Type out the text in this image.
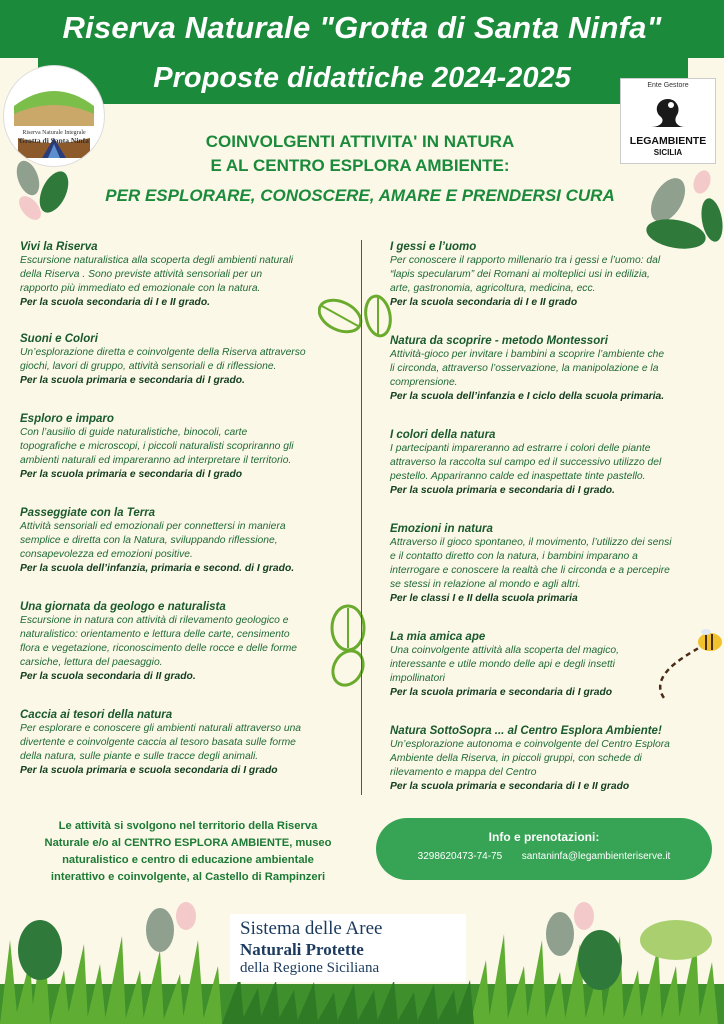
Riserva Naturale "Grotta di Santa Ninfa"
Proposte didattiche 2024-2025
Riserva Naturale Integrale
Grotta di Santa Ninfa
Ente Gestore
LEGAMBIENTE
SICILIA
COINVOLGENTI ATTIVITA' IN NATURA
E AL CENTRO ESPLORA AMBIENTE:
PER ESPLORARE, CONOSCERE, AMARE E PRENDERSI CURA
Vivi la Riserva
Escursione naturalistica alla scoperta degli ambienti naturali
della Riserva . Sono previste attività sensoriali per un
rapporto più immediato ed emozionale con la natura.
Per la scuola secondaria di I e II grado.
Suoni e Colori
Un’esplorazione diretta e coinvolgente della Riserva attraverso
giochi, lavori di gruppo, attività sensoriali e di riflessione.
Per la scuola primaria e secondaria di I grado.
Esploro e imparo
Con l’ausilio di guide naturalistiche, binocoli, carte
topografiche e microscopi, i piccoli naturalisti scopriranno gli
ambienti naturali ed impareranno ad interpretare il territorio.
Per la scuola primaria e secondaria di I grado
Passeggiate con la Terra
Attività sensoriali ed emozionali per connettersi in maniera
semplice e diretta con la Natura, sviluppando riflessione,
consapevolezza ed emozioni positive.
Per la scuola dell’infanzia, primaria e second. di I grado.
Una giornata da geologo e naturalista
Escursione in natura con attività di rilevamento geologico e
naturalistico: orientamento e lettura delle carte, censimento
flora e vegetazione, riconoscimento delle rocce e delle forme
carsiche, lettura del paesaggio.
Per la scuola secondaria di II grado.
Caccia ai tesori della natura
Per esplorare e conoscere gli ambienti naturali attraverso una
divertente e coinvolgente caccia al tesoro basata sulle forme
della natura, sulle piante e sulle tracce degli animali.
Per la scuola primaria e scuola secondaria di I grado
I gessi e l’uomo
Per conoscere il rapporto millenario tra i gessi e l’uomo: dal
“lapis specularum” dei Romani ai molteplici usi in edilizia,
arte, gastronomia, agricoltura, medicina, ecc.
Per la scuola secondaria di I e II grado
Natura da scoprire - metodo Montessori
Attività-gioco per invitare i bambini a scoprire l’ambiente che
li circonda, attraverso l’osservazione, la manipolazione e la
comprensione.
Per la scuola dell’infanzia e I ciclo della scuola primaria.
I colori della natura
I partecipanti impareranno ad estrarre i colori delle piante
attraverso la raccolta sul campo ed il successivo utilizzo del
pestello. Appariranno calde ed inaspettate tinte pastello.
Per la scuola primaria e secondaria di I grado.
Emozioni in natura
Attraverso il gioco spontaneo, il movimento, l’utilizzo dei sensi
e il contatto diretto con la natura, i bambini imparano a
interrogare e conoscere la realtà che li circonda e a percepire
se stessi in relazione al mondo e agli altri.
Per le classi I e II della scuola primaria
La mia amica ape
Una coinvolgente attività alla scoperta del magico,
interessante e utile mondo delle api e degli insetti
impollinatori
Per la scuola primaria e secondaria di I grado
Natura SottoSopra ... al Centro Esplora Ambiente!
Un’esplorazione autonoma e coinvolgente del Centro Esplora
Ambiente della Riserva, in piccoli gruppi, con schede di
rilevamento e mappa del Centro
Per la scuola primaria e secondaria di I e II grado
Le attività si svolgono nel territorio della Riserva
Naturale e/o al CENTRO ESPLORA AMBIENTE, museo
naturalistico e centro di educazione ambientale
interattivo e coinvolgente, al Castello di Rampinzeri
Info e prenotazioni:
3298620473-74-75 santaninfa@legambienteriserve.it
Sistema delle Aree
Naturali Protette
della Regione Siciliana
